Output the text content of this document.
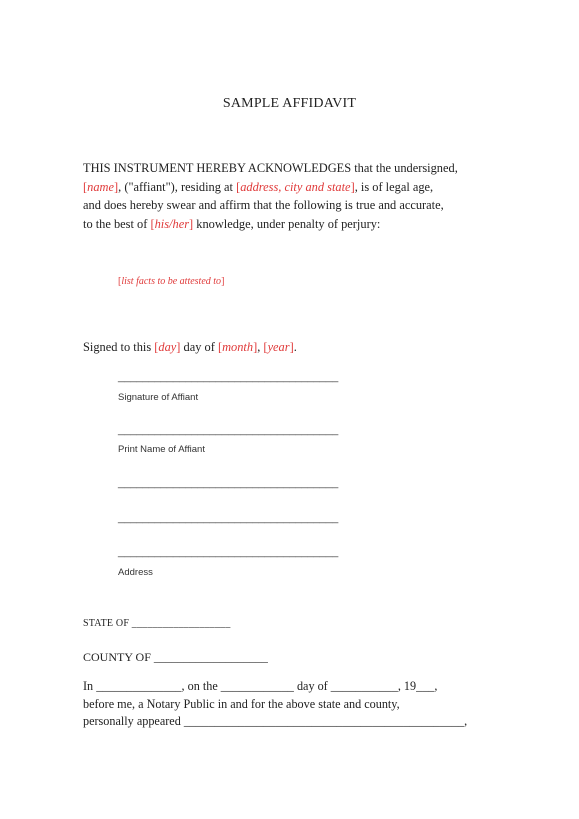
SAMPLE AFFIDAVIT
THIS INSTRUMENT HEREBY ACKNOWLEDGES that the undersigned,
[name], ("affiant"), residing at [address, city and state], is of legal age,
and does hereby swear and affirm that the following is true and accurate,
to the best of [his/her] knowledge, under penalty of perjury:
[list facts to be attested to]
Signed to this [day] day of [month], [year].
____________________________________
Signature of Affiant
____________________________________
Print Name of Affiant
____________________________________
____________________________________
____________________________________
Address
STATE OF ___________________
COUNTY OF ___________________
In ______________, on the ____________ day of ___________, 19___,
before me, a Notary Public in and for the above state and county,
personally appeared ______________________________________________,
